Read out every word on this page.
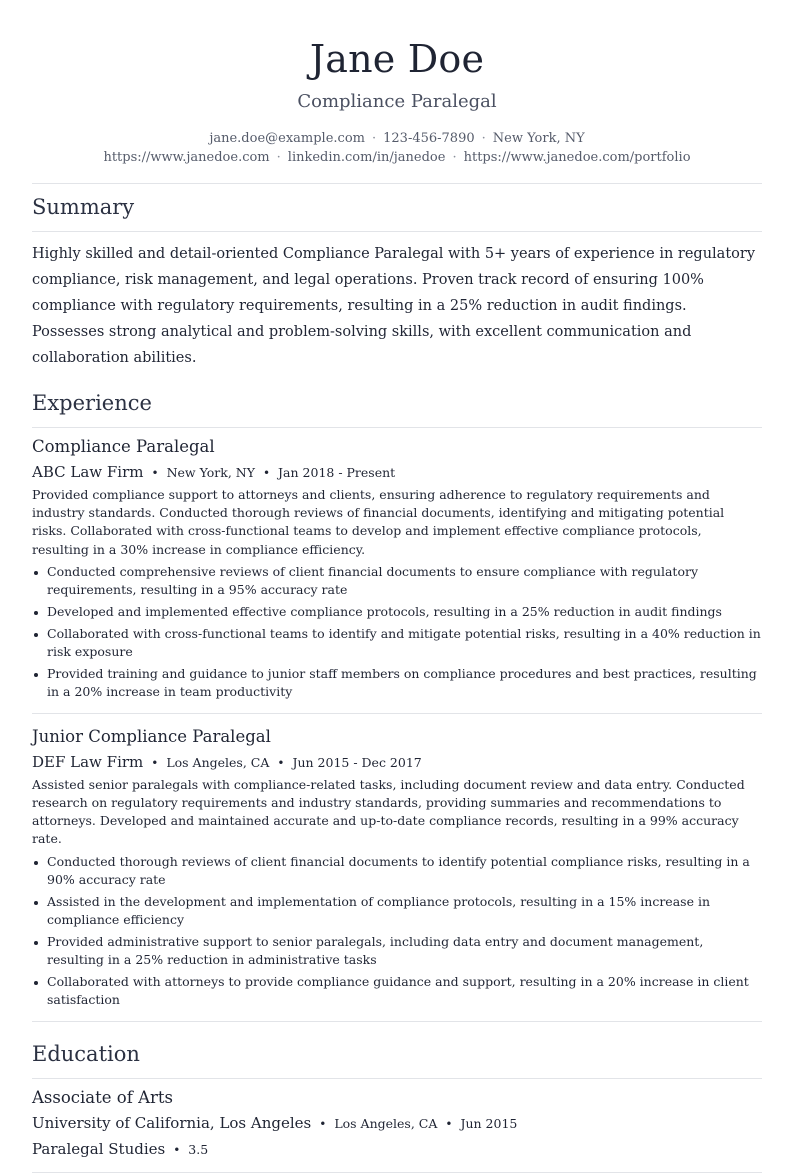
Jane Doe
Compliance Paralegal
jane.doe@example.com · 123-456-7890 · New York, NY
https://www.janedoe.com · linkedin.com/in/janedoe · https://www.janedoe.com/portfolio
Summary

Highly skilled and detail-oriented Compliance Paralegal with 5+ years of experience in regulatory compliance, risk management, and legal operations. Proven track record of ensuring 100% compliance with regulatory requirements, resulting in a 25% reduction in audit findings. Possesses strong analytical and problem-solving skills, with excellent communication and collaboration abilities.

Experience
Compliance Paralegal
ABC Law Firm • New York, NY • Jan 2018 - Present

Provided compliance support to attorneys and clients, ensuring adherence to regulatory requirements and industry standards. Conducted thorough reviews of financial documents, identifying and mitigating potential risks. Collaborated with cross-functional teams to develop and implement effective compliance protocols, resulting in a 30% increase in compliance efficiency.

Conducted comprehensive reviews of client financial documents to ensure compliance with regulatory requirements, resulting in a 95% accuracy rate
Developed and implemented effective compliance protocols, resulting in a 25% reduction in audit findings
Collaborated with cross-functional teams to identify and mitigate potential risks, resulting in a 40% reduction in risk exposure
Provided training and guidance to junior staff members on compliance procedures and best practices, resulting in a 20% increase in team productivity
Junior Compliance Paralegal
DEF Law Firm • Los Angeles, CA • Jun 2015 - Dec 2017

Assisted senior paralegals with compliance-related tasks, including document review and data entry. Conducted research on regulatory requirements and industry standards, providing summaries and recommendations to attorneys. Developed and maintained accurate and up-to-date compliance records, resulting in a 99% accuracy rate.

Conducted thorough reviews of client financial documents to identify potential compliance risks, resulting in a 90% accuracy rate
Assisted in the development and implementation of compliance protocols, resulting in a 15% increase in compliance efficiency
Provided administrative support to senior paralegals, including data entry and document management, resulting in a 25% reduction in administrative tasks
Collaborated with attorneys to provide compliance guidance and support, resulting in a 20% increase in client satisfaction
Education
Associate of Arts
University of California, Los Angeles • Los Angeles, CA • Jun 2015
Paralegal Studies • 3.5
